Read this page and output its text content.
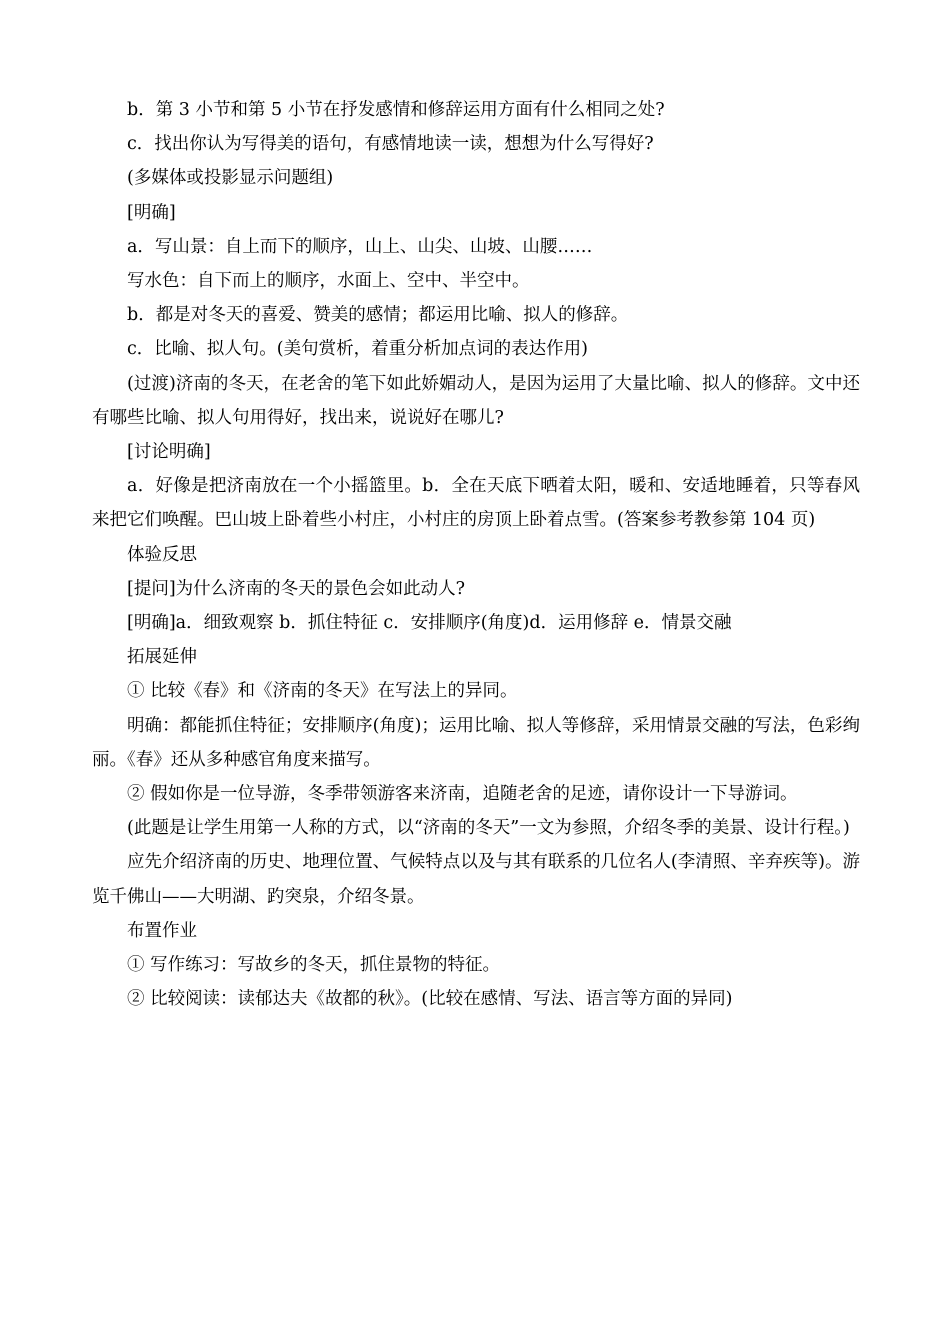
b．第 3 小节和第 5 小节在抒发感情和修辞运用方面有什么相同之处?

c．找出你认为写得美的语句，有感情地读一读，想想为什么写得好?

(多媒体或投影显示问题组)

[明确]

a．写山景：自上而下的顺序，山上、山尖、山坡、山腰……

写水色：自下而上的顺序，水面上、空中、半空中。

b．都是对冬天的喜爱、赞美的感情；都运用比喻、拟人的修辞。

c．比喻、拟人句。(美句赏析，着重分析加点词的表达作用)

(过渡)济南的冬天，在老舍的笔下如此娇媚动人，是因为运用了大量比喻、拟人的修辞。文中还有哪些比喻、拟人句用得好，找出来，说说好在哪儿?

[讨论明确]

a．好像是把济南放在一个小摇篮里。b．全在天底下晒着太阳，暖和、安适地睡着，只等春风来把它们唤醒。巴山坡上卧着些小村庄，小村庄的房顶上卧着点雪。(答案参考教参第 104 页)

体验反思

[提问]为什么济南的冬天的景色会如此动人?

[明确]a．细致观察 b．抓住特征 c．安排顺序(角度)d．运用修辞 e．情景交融

拓展延伸

① 比较《春》和《济南的冬天》在写法上的异同。

明确：都能抓住特征；安排顺序(角度)；运用比喻、拟人等修辞，采用情景交融的写法，色彩绚丽。《春》还从多种感官角度来描写。

② 假如你是一位导游，冬季带领游客来济南，追随老舍的足迹，请你设计一下导游词。

(此题是让学生用第一人称的方式，以“济南的冬天”一文为参照，介绍冬季的美景、设计行程。)

应先介绍济南的历史、地理位置、气候特点以及与其有联系的几位名人(李清照、辛弃疾等)。游览千佛山——大明湖、趵突泉，介绍冬景。

布置作业

① 写作练习：写故乡的冬天，抓住景物的特征。

② 比较阅读：读郁达夫《故都的秋》。(比较在感情、写法、语言等方面的异同)
